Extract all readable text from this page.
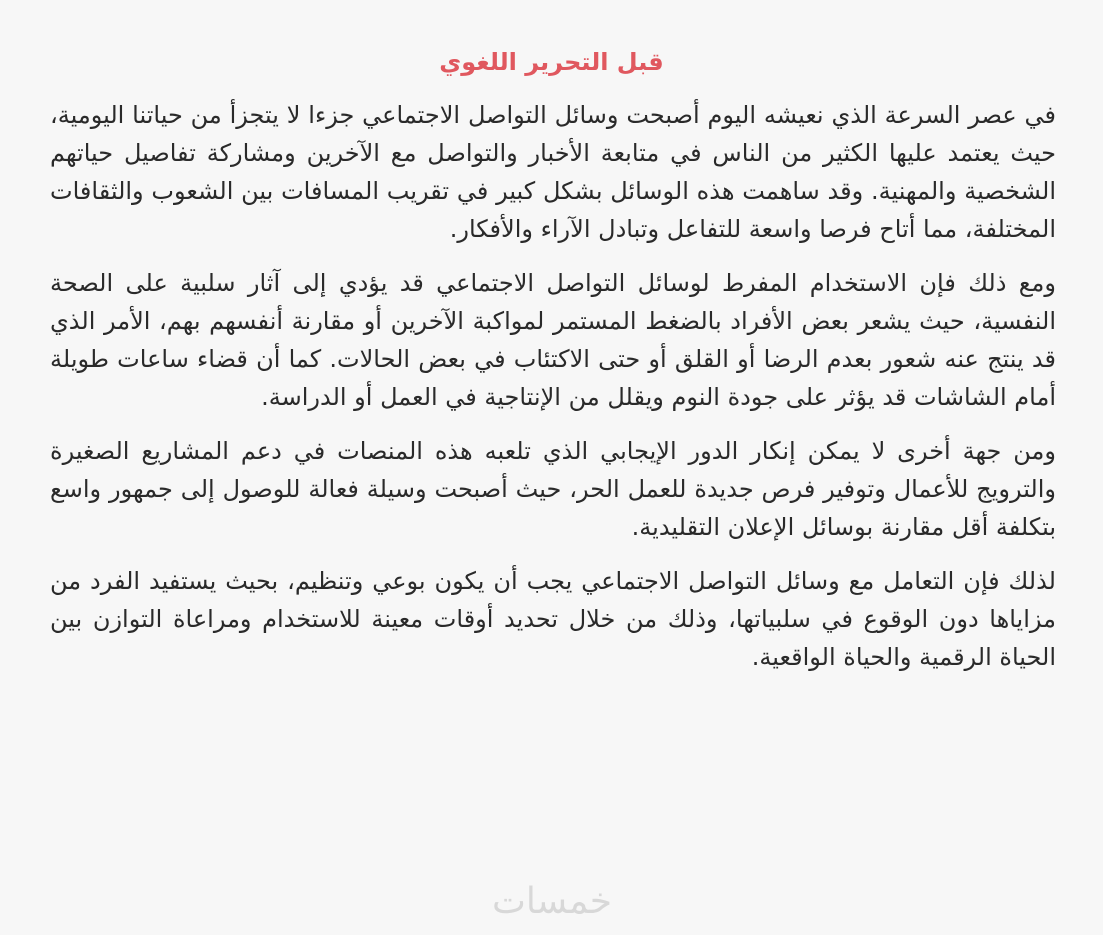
قبل التحرير اللغوي

في عصر السرعة الذي نعيشه اليوم أصبحت وسائل التواصل الاجتماعي جزءا لا يتجزأ من حياتنا اليومية، حيث يعتمد عليها الكثير من الناس في متابعة الأخبار والتواصل مع الآخرين ومشاركة تفاصيل حياتهم الشخصية والمهنية. وقد ساهمت هذه الوسائل بشكل كبير في تقريب المسافات بين الشعوب والثقافات المختلفة، مما أتاح فرصا واسعة للتفاعل وتبادل الآراء والأفكار.

ومع ذلك فإن الاستخدام المفرط لوسائل التواصل الاجتماعي قد يؤدي إلى آثار سلبية على الصحة النفسية، حيث يشعر بعض الأفراد بالضغط المستمر لمواكبة الآخرين أو مقارنة أنفسهم بهم، الأمر الذي قد ينتج عنه شعور بعدم الرضا أو القلق أو حتى الاكتئاب في بعض الحالات. كما أن قضاء ساعات طويلة أمام الشاشات قد يؤثر على جودة النوم ويقلل من الإنتاجية في العمل أو الدراسة.

ومن جهة أخرى لا يمكن إنكار الدور الإيجابي الذي تلعبه هذه المنصات في دعم المشاريع الصغيرة والترويج للأعمال وتوفير فرص جديدة للعمل الحر، حيث أصبحت وسيلة فعالة للوصول إلى جمهور واسع بتكلفة أقل مقارنة بوسائل الإعلان التقليدية.

لذلك فإن التعامل مع وسائل التواصل الاجتماعي يجب أن يكون بوعي وتنظيم، بحيث يستفيد الفرد من مزاياها دون الوقوع في سلبياتها، وذلك من خلال تحديد أوقات معينة للاستخدام ومراعاة التوازن بين الحياة الرقمية والحياة الواقعية.

خمسات
